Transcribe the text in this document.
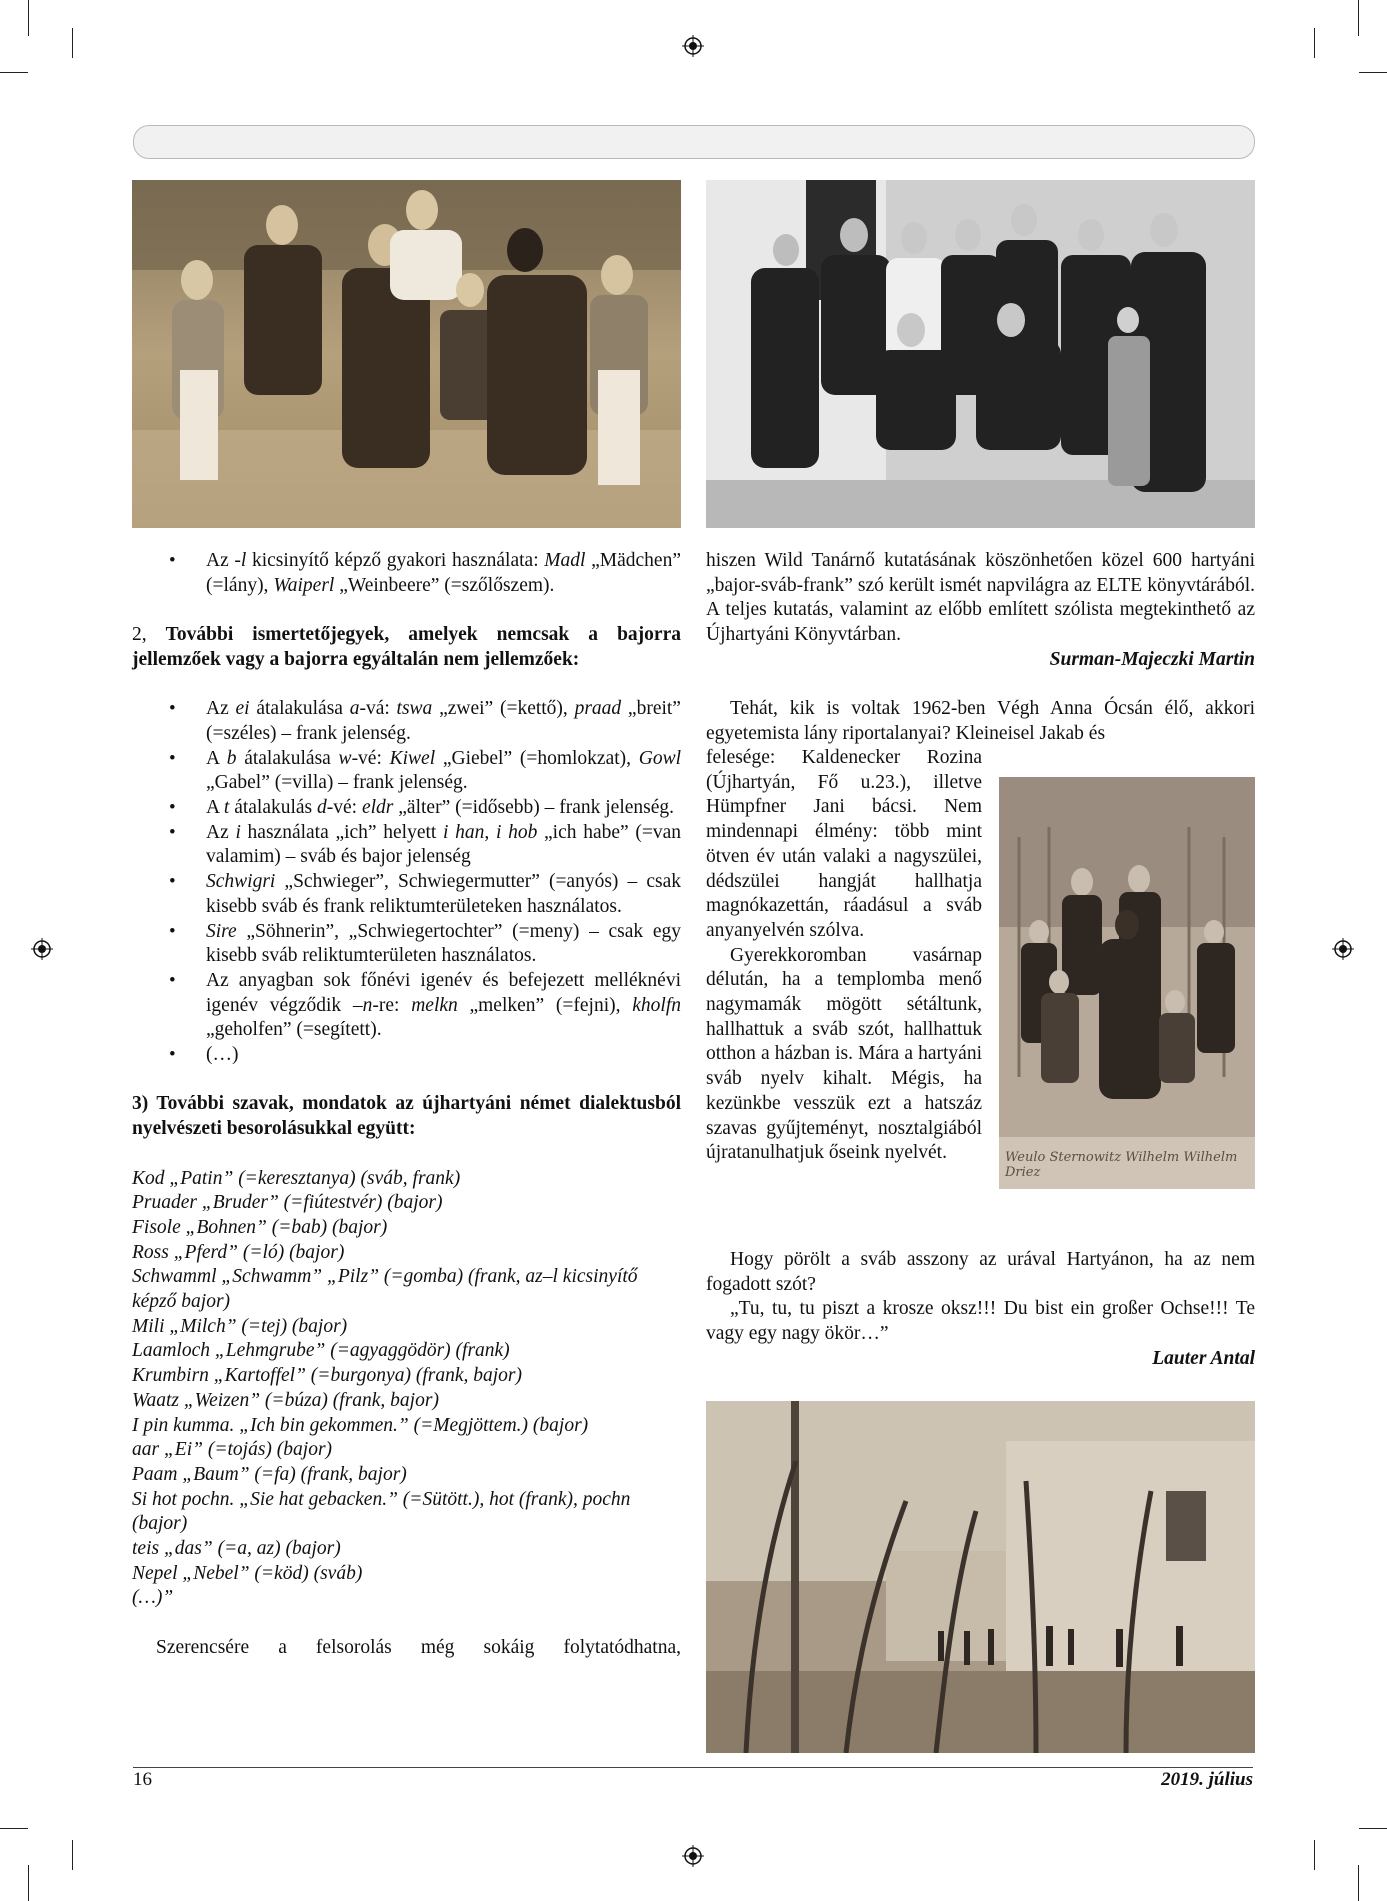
• Az -l kicsinyítő képző gyakori használata: Madl „Mädchen” (=lány), Waiperl „Weinbeere” (=szőlőszem).

2, További ismertetőjegyek, amelyek nemcsak a bajorra jellemzőek vagy a bajorra egyáltalán nem jellemzőek:

• Az ei átalakulása a-vá: tswa „zwei” (=kettő), praad „breit” (=széles) – frank jelenség.
• A b átalakulása w-vé: Kiwel „Giebel” (=homlokzat), Gowl „Gabel” (=villa) – frank jelenség.
• A t átalakulás d-vé: eldr „älter” (=idősebb) – frank jelenség.
• Az i használata „ich” helyett i han, i hob „ich habe” (=van valamim) – sváb és bajor jelenség
• Schwigri „Schwieger”, Schwiegermutter” (=anyós) – csak kisebb sváb és frank reliktumterületeken használatos.
• Sire „Söhnerin”, „Schwiegertochter” (=meny) – csak egy kisebb sváb reliktumterületen használatos.
• Az anyagban sok főnévi igenév és befejezett melléknévi igenév végződik –n-re: melkn „melken” (=fejni), kholfn „geholfen” (=segített).
• (…)

3) További szavak, mondatok az újhartyáni német dialektusból nyelvészeti besorolásukkal együtt:

Kod „Patin” (=keresztanya) (sváb, frank)

Pruader „Bruder” (=fiútestvér) (bajor)

Fisole „Bohnen” (=bab) (bajor)

Ross „Pferd” (=ló) (bajor)

Schwamml „Schwamm” „Pilz” (=gomba) (frank, az–l kicsinyítő képző bajor)

Mili „Milch” (=tej) (bajor)

Laamloch „Lehmgrube” (=agyaggödör) (frank)

Krumbirn „Kartoffel” (=burgonya) (frank, bajor)

Waatz „Weizen” (=búza) (frank, bajor)

I pin kumma. „Ich bin gekommen.” (=Megjöttem.) (bajor)

aar „Ei” (=tojás) (bajor)

Paam „Baum” (=fa) (frank, bajor)

Si hot pochn. „Sie hat gebacken.” (=Sütött.), hot (frank), pochn (bajor)

teis „das” (=a, az) (bajor)

Nepel „Nebel” (=köd) (sváb)

(…)”

Szerencsére a felsorolás még sokáig folytatódhatna,

hiszen Wild Tanárnő kutatásának köszönhetően közel 600 hartyáni „bajor-sváb-frank” szó került ismét napvilágra az ELTE könyvtárából. A teljes kutatás, valamint az előbb említett szólista megtekinthető az Újhartyáni Könyvtárban.

Surman-Majeczki Martin

Tehát, kik is voltak 1962-ben Végh Anna Ócsán élő, akkori egyetemista lány riportalanyai? Kleineisel Jakab és

felesége: Kaldenecker Rozina (Újhartyán, Fő u.23.), illetve Hümpfner Jani bácsi. Nem mindennapi élmény: több mint ötven év után valaki a nagyszülei, dédszülei hangját hallhatja magnókazettán, ráadásul a sváb anyanyelvén szólva.

Gyerekkoromban vasárnap délután, ha a templomba menő nagymamák mögött sétáltunk, hallhattuk a sváb szót, hallhattuk otthon a házban is. Mára a hartyáni sváb nyelv kihalt. Mégis, ha kezünkbe vesszük ezt a hatszáz szavas gyűjteményt, nosztalgiából újratanulhatjuk őseink nyelvét.	Weulo Sternowitz Wilhelm Wilhelm Driez

Hogy pörölt a sváb asszony az urával Hartyánon, ha az nem fogadott szót?

„Tu, tu, tu piszt a krosze oksz!!! Du bist ein großer Ochse!!! Te vagy egy nagy ökör…”

Lauter Antal

16	2019. július
